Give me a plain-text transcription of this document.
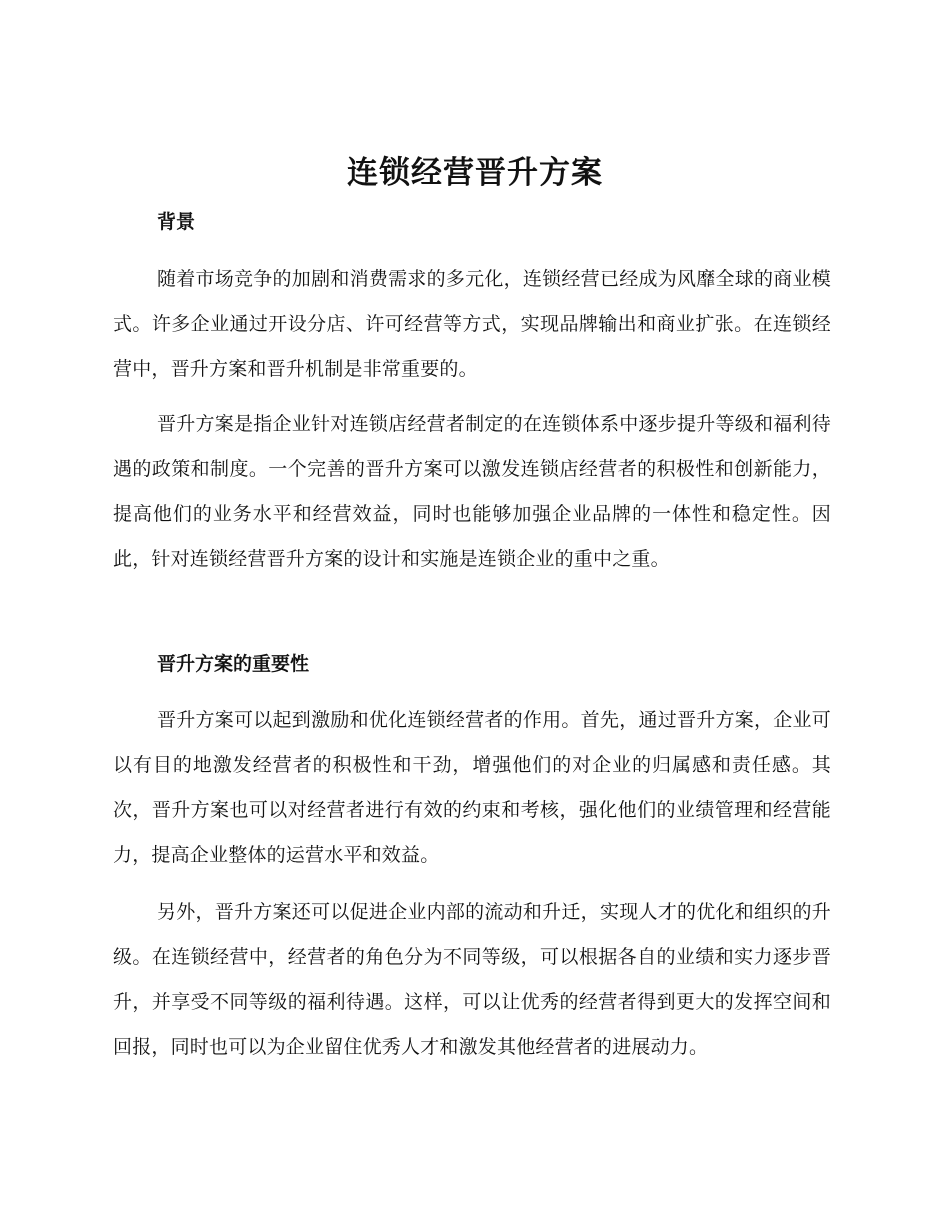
连锁经营晋升方案
背景

随着市场竞争的加剧和消费需求的多元化，连锁经营已经成为风靡全球的商业模式。许多企业通过开设分店、许可经营等方式，实现品牌输出和商业扩张。在连锁经营中，晋升方案和晋升机制是非常重要的。

晋升方案是指企业针对连锁店经营者制定的在连锁体系中逐步提升等级和福利待遇的政策和制度。一个完善的晋升方案可以激发连锁店经营者的积极性和创新能力，提高他们的业务水平和经营效益，同时也能够加强企业品牌的一体性和稳定性。因此，针对连锁经营晋升方案的设计和实施是连锁企业的重中之重。

晋升方案的重要性

晋升方案可以起到激励和优化连锁经营者的作用。首先，通过晋升方案，企业可以有目的地激发经营者的积极性和干劲，增强他们的对企业的归属感和责任感。其次，晋升方案也可以对经营者进行有效的约束和考核，强化他们的业绩管理和经营能力，提高企业整体的运营水平和效益。

另外，晋升方案还可以促进企业内部的流动和升迁，实现人才的优化和组织的升级。在连锁经营中，经营者的角色分为不同等级，可以根据各自的业绩和实力逐步晋升，并享受不同等级的福利待遇。这样，可以让优秀的经营者得到更大的发挥空间和回报，同时也可以为企业留住优秀人才和激发其他经营者的进展动力。
